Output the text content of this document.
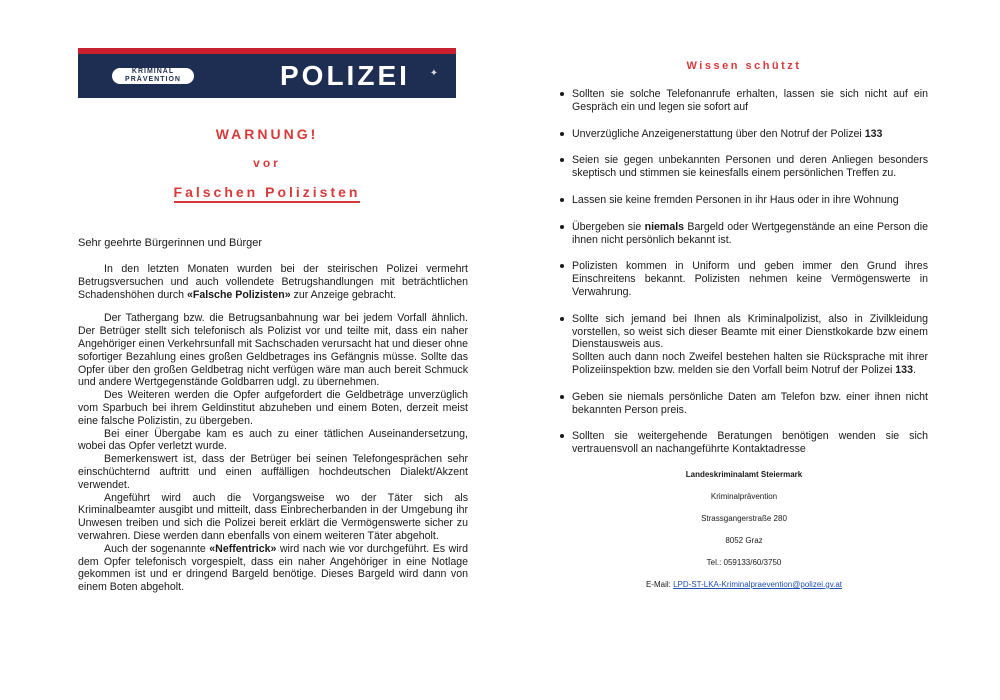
KRIMINAL
PRÄVENTION	POLIZEI ✦
WARNUNG!
vor
Falschen Polizisten
Sehr geehrte Bürgerinnen und Bürger

In den letzten Monaten wurden bei der steirischen Polizei vermehrt Betrugsversuchen und auch vollendete Betrugshandlungen mit beträchtlichen Schadenshöhen durch «Falsche Polizisten» zur Anzeige gebracht.

Der Tathergang bzw. die Betrugsanbahnung war bei jedem Vorfall ähnlich. Der Betrüger stellt sich telefonisch als Polizist vor und teilte mit, dass ein naher Angehöriger einen Verkehrsunfall mit Sachschaden verursacht hat und dieser ohne sofortiger Bezahlung eines großen Geldbetrages ins Gefängnis müsse. Sollte das Opfer über den großen Geldbetrag nicht verfügen wäre man auch bereit Schmuck und andere Wertgegenstände Goldbarren udgl. zu übernehmen.

Des Weiteren werden die Opfer aufgefordert die Geldbeträge unverzüglich vom Sparbuch bei ihrem Geldinstitut abzuheben und einem Boten, derzeit meist eine falsche Polizistin, zu übergeben.

Bei einer Übergabe kam es auch zu einer tätlichen Auseinandersetzung, wobei das Opfer verletzt wurde.

Bemerkenswert ist, dass der Betrüger bei seinen Telefongesprächen sehr einschüchternd auftritt und einen auffälligen hochdeutschen Dialekt/Akzent verwendet.

Angeführt wird auch die Vorgangsweise wo der Täter sich als Kriminalbeamter ausgibt und mitteilt, dass Einbrecherbanden in der Umgebung ihr Unwesen treiben und sich die Polizei bereit erklärt die Vermögenswerte sicher zu verwahren. Diese werden dann ebenfalls von einem weiteren Täter abgeholt.

Auch der sogenannte «Neffentrick» wird nach wie vor durchgeführt. Es wird dem Opfer telefonisch vorgespielt, dass ein naher Angehöriger in eine Notlage gekommen ist und er dringend Bargeld benötige. Dieses Bargeld wird dann von einem Boten abgeholt.

Wissen schützt
Sollten sie solche Telefonanrufe erhalten, lassen sie sich nicht auf ein Gespräch ein und legen sie sofort auf
Unverzügliche Anzeigenerstattung über den Notruf der Polizei 133
Seien sie gegen unbekannten Personen und deren Anliegen besonders skeptisch und stimmen sie keinesfalls einem persönlichen Treffen zu.
Lassen sie keine fremden Personen in ihr Haus oder in ihre Wohnung
Übergeben sie niemals Bargeld oder Wertgegenstände an eine Person die ihnen nicht persönlich bekannt ist.
Polizisten kommen in Uniform und geben immer den Grund ihres Einschreitens bekannt. Polizisten nehmen keine Vermögenswerte in Verwahrung.
Sollte sich jemand bei Ihnen als Kriminalpolizist, also in Zivilkleidung vorstellen, so weist sich dieser Beamte mit einer Dienstkokarde bzw einem Dienstausweis aus.
Sollten auch dann noch Zweifel bestehen halten sie Rücksprache mit ihrer Polizeiinspektion bzw. melden sie den Vorfall beim Notruf der Polizei 133.
Geben sie niemals persönliche Daten am Telefon bzw. einer ihnen nicht bekannten Person preis.
Sollten sie weitergehende Beratungen benötigen wenden sie sich vertrauensvoll an nachangeführte Kontaktadresse
Landeskriminalamt Steiermark
Kriminalprävention
Strassgangerstraße 280
8052 Graz
Tel.: 059133/60/3750
E-Mail: LPD-ST-LKA-Kriminalpraevention@polizei.gv.at
